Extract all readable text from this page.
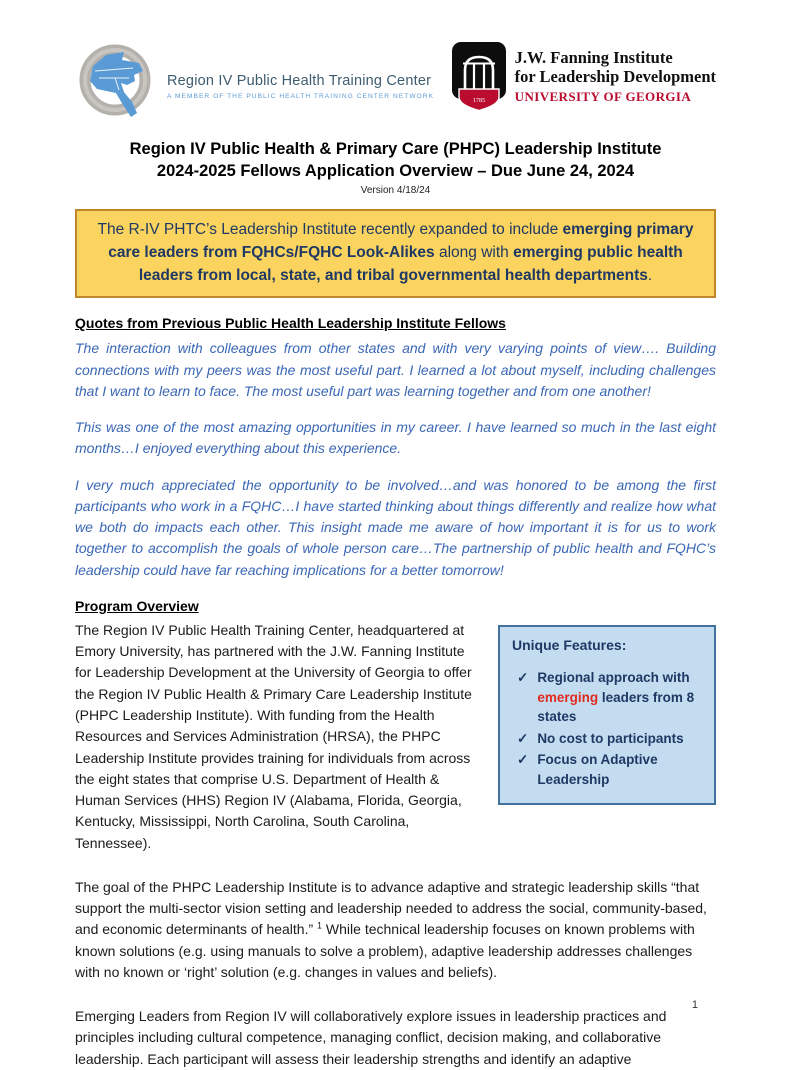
Region IV Public Health Training Center
A MEMBER OF THE PUBLIC HEALTH TRAINING CENTER NETWORK
1785
J.W. Fanning Institute
for Leadership Development
UNIVERSITY OF GEORGIA
Region IV Public Health & Primary Care (PHPC) Leadership Institute
2024-2025 Fellows Application Overview – Due June 24, 2024
Version 4/18/24
The R-IV PHTC’s Leadership Institute recently expanded to include emerging primary care leaders from FQHCs/FQHC Look-Alikes along with emerging public health leaders from local, state, and tribal governmental health departments.
Quotes from Previous Public Health Leadership Institute Fellows

The interaction with colleagues from other states and with very varying points of view…. Building connections with my peers was the most useful part. I learned a lot about myself, including challenges that I want to learn to face. The most useful part was learning together and from one another!

This was one of the most amazing opportunities in my career. I have learned so much in the last eight months…I enjoyed everything about this experience.

I very much appreciated the opportunity to be involved…and was honored to be among the first participants who work in a FQHC…I have started thinking about things differently and realize how what we both do impacts each other. This insight made me aware of how important it is for us to work together to accomplish the goals of whole person care…The partnership of public health and FQHC’s leadership could have far reaching implications for a better tomorrow!

Program Overview
The Region IV Public Health Training Center, headquartered at Emory University, has partnered with the J.W. Fanning Institute for Leadership Development at the University of Georgia to offer the Region IV Public Health & Primary Care Leadership Institute (PHPC Leadership Institute). With funding from the Health Resources and Services Administration (HRSA), the PHPC Leadership Institute provides training for individuals from across the eight states that comprise U.S. Department of Health & Human Services (HHS) Region IV (Alabama, Florida, Georgia, Kentucky, Mississippi, North Carolina, South Carolina, Tennessee).
Unique Features:
✓ Regional approach with emerging leaders from 8 states
✓ No cost to participants
✓ Focus on Adaptive Leadership

The goal of the PHPC Leadership Institute is to advance adaptive and strategic leadership skills “that support the multi-sector vision setting and leadership needed to address the social, community-based, and economic determinants of health.” $^1$ While technical leadership focuses on known problems with known solutions (e.g. using manuals to solve a problem), adaptive leadership addresses challenges with no known or ‘right’ solution (e.g. changes in values and beliefs).

Emerging Leaders from Region IV will collaboratively explore issues in leadership practices and principles including cultural competence, managing conflict, decision making, and collaborative leadership. Each participant will assess their leadership strengths and identify an adaptive

1
